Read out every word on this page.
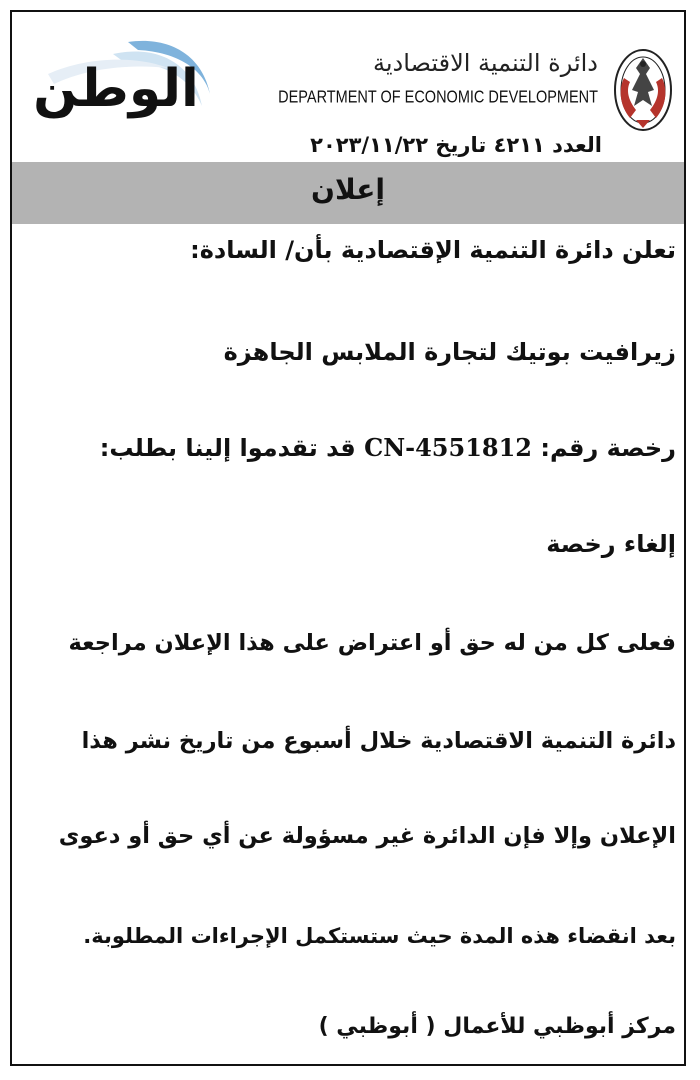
الوطن	دائرة التنمية الاقتصادية
DEPARTMENT OF ECONOMIC DEVELOPMENT
العدد ٤٢١١ تاريخ ٢٠٢٣/١١/٢٢
إعلان
تعلن دائرة التنمية الإقتصادية بأن/ السادة:
زيرافيت بوتيك لتجارة الملابس الجاهزة
رخصة رقم: CN-4551812 قد تقدموا إلينا بطلب:
إلغاء رخصة
فعلى كل من له حق أو اعتراض على هذا الإعلان مراجعة
دائرة التنمية الاقتصادية خلال أسبوع من تاريخ نشر هذا
الإعلان وإلا فإن الدائرة غير مسؤولة عن أي حق أو دعوى
بعد انقضاء هذه المدة حيث ستستكمل الإجراءات المطلوبة.
مركز أبوظبي للأعمال ( أبوظبي )
